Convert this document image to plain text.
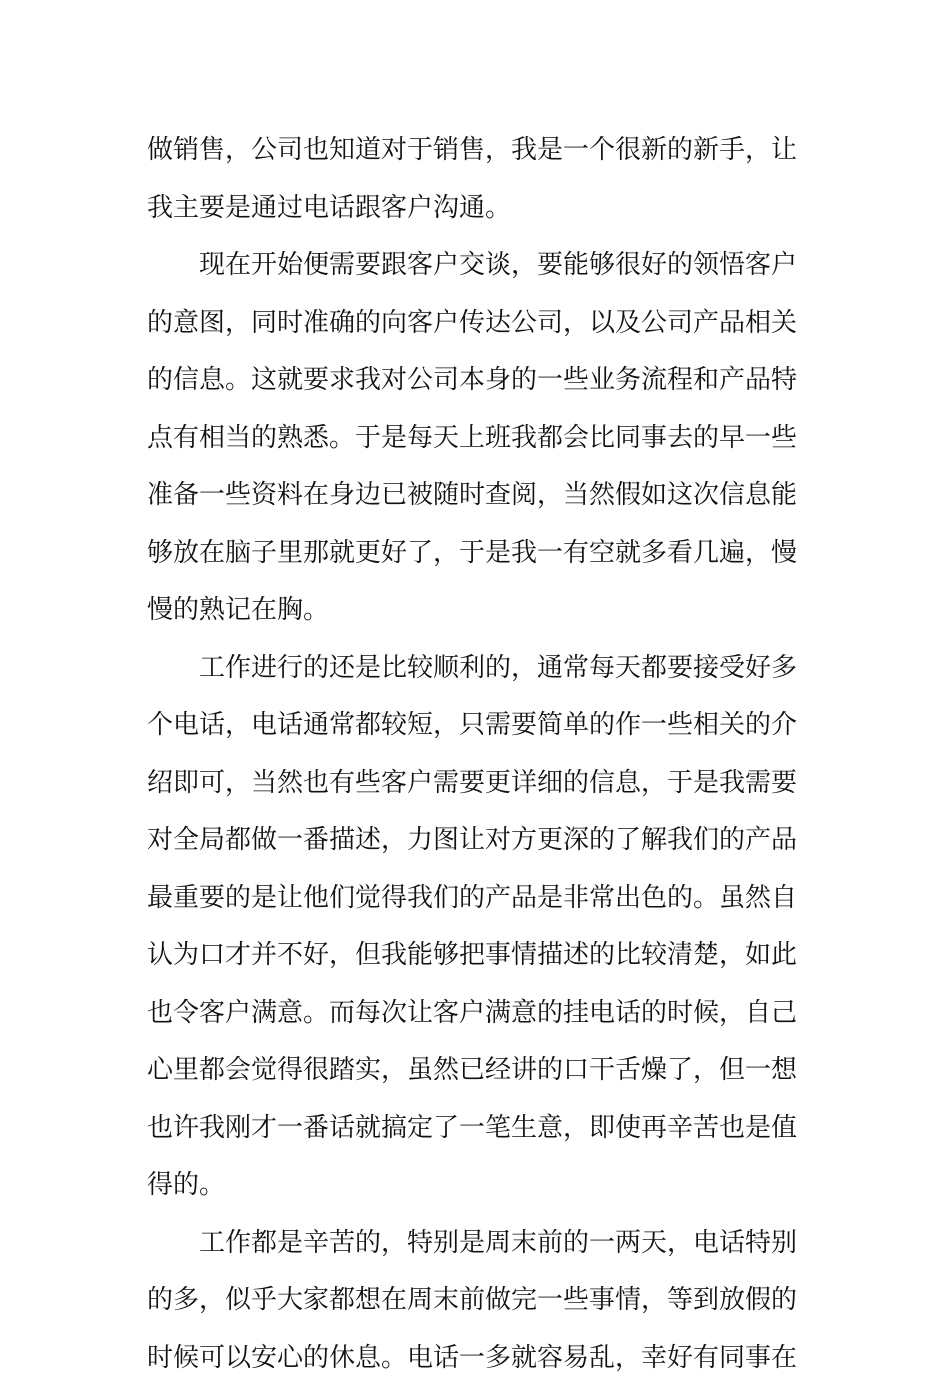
做销售，公司也知道对于销售，我是一个很新的新手，让
我主要是通过电话跟客户沟通。
现在开始便需要跟客户交谈，要能够很好的领悟客户
的意图，同时准确的向客户传达公司，以及公司产品相关
的信息。这就要求我对公司本身的一些业务流程和产品特
点有相当的熟悉。于是每天上班我都会比同事去的早一些
准备一些资料在身边已被随时查阅，当然假如这次信息能
够放在脑子里那就更好了，于是我一有空就多看几遍，慢
慢的熟记在胸。
工作进行的还是比较顺利的，通常每天都要接受好多
个电话，电话通常都较短，只需要简单的作一些相关的介
绍即可，当然也有些客户需要更详细的信息，于是我需要
对全局都做一番描述，力图让对方更深的了解我们的产品
最重要的是让他们觉得我们的产品是非常出色的。虽然自
认为口才并不好，但我能够把事情描述的比较清楚，如此
也令客户满意。而每次让客户满意的挂电话的时候，自己
心里都会觉得很踏实，虽然已经讲的口干舌燥了，但一想
也许我刚才一番话就搞定了一笔生意，即使再辛苦也是值
得的。
工作都是辛苦的，特别是周末前的一两天，电话特别
的多，似乎大家都想在周末前做完一些事情，等到放假的
时候可以安心的休息。电话一多就容易乱，幸好有同事在
